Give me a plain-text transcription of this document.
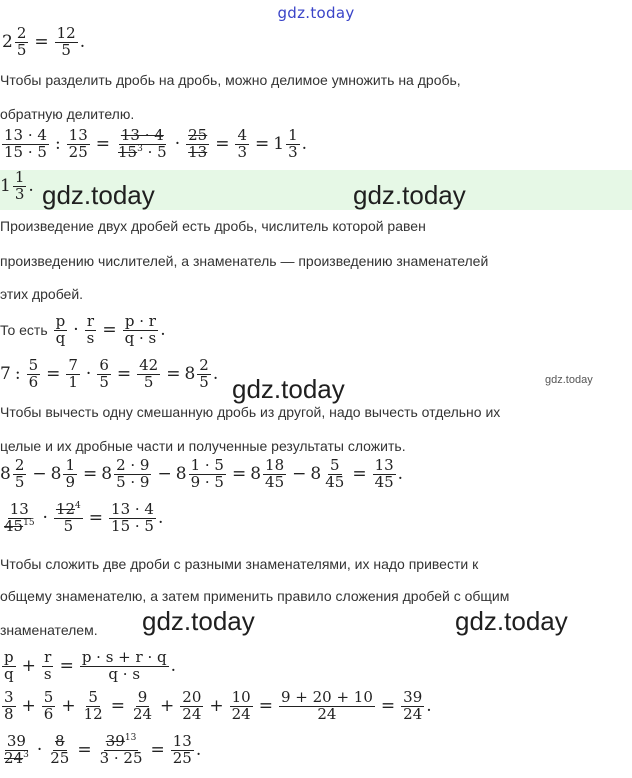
gdz.today
$2 \frac{2}{5} = \frac{12}{5}$ .
Чтобы разделить дробь на дробь, можно делимое умножить на дробь,
обратную делителю.
$\frac{13 \cdot 4}{15 \cdot 5}$ : $\frac{13}{25} = \frac{13 \cdot 4}{15^3 \cdot 5} \cdot \frac{25}{13} = \frac{4}{3} = 1 \frac{1}{3}$ .
$1 \frac{1}{3}$ . gdz.today	gdz.today
Произведение двух дробей есть дробь, числитель которой равен
произведению числителей, а знаменатель — произведению знаменателей
этих дробей.
То есть $\frac{p}{q} \cdot \frac{r}{s} = \frac{p \cdot r}{q \cdot s}$ .
7 : $\frac{5}{6} = \frac{7}{1} \cdot \frac{6}{5} = \frac{42}{5} = 8 \frac{2}{5}$ . gdz.today	gdz.today
Чтобы вычесть одну смешанную дробь из другой, надо вычесть отдельно их
целые и их дробные части и полученные результаты сложить.
$8 \frac{2}{5} - 8 \frac{1}{9} = 8 \frac{2 \cdot 9}{5 \cdot 9} - 8 \frac{1 \cdot 5}{9 \cdot 5} = 8 \frac{18}{45} - 8 \frac{5}{45} = \frac{13}{45}$ .
$\frac{13}{45^{15}} \cdot \frac{12^4}{5} = \frac{13 \cdot 4}{15 \cdot 5}$ .
Чтобы сложить две дроби с разными знаменателями, их надо привести к
общему знаменателю, а затем применить правило сложения дробей с общим
знаменателем. gdz.today	gdz.today
$\frac{p}{q} + \frac{r}{s} = \frac{p \cdot s + r \cdot q}{q \cdot s}$ .
$\frac{3}{8} + \frac{5}{6} + \frac{5}{12} = \frac{9}{24} + \frac{20}{24} + \frac{10}{24} = \frac{9 + 20 + 10}{24} = \frac{39}{24}$ .
$\frac{39}{24^3} \cdot \frac{8}{25} = \frac{39^{13}}{3 \cdot 25} = \frac{13}{25}$ .
